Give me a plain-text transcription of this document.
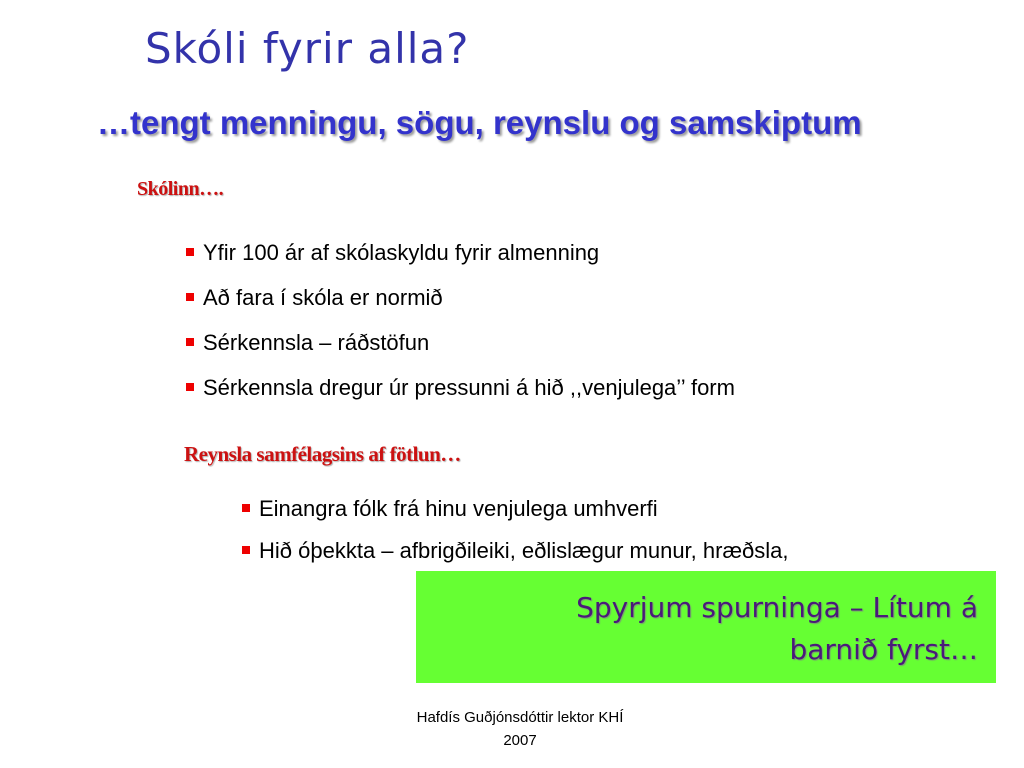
Skóli fyrir alla?
…tengt menningu, sögu, reynslu og samskiptum
Skólinn….
Yfir 100 ár af skólaskyldu fyrir almenning
Að fara í skóla er normið
Sérkennsla – ráðstöfun
Sérkennsla dregur úr pressunni á hið ,,venjulega’’ form
Reynsla samfélagsins af fötlun…
Einangra fólk frá hinu venjulega umhverfi
Hið óþekkta – afbrigðileiki, eðlislægur munur, hræðsla,
Spyrjum spurninga – Lítum á
barnið fyrst…
Hafdís Guðjónsdóttir lektor KHÍ
2007
